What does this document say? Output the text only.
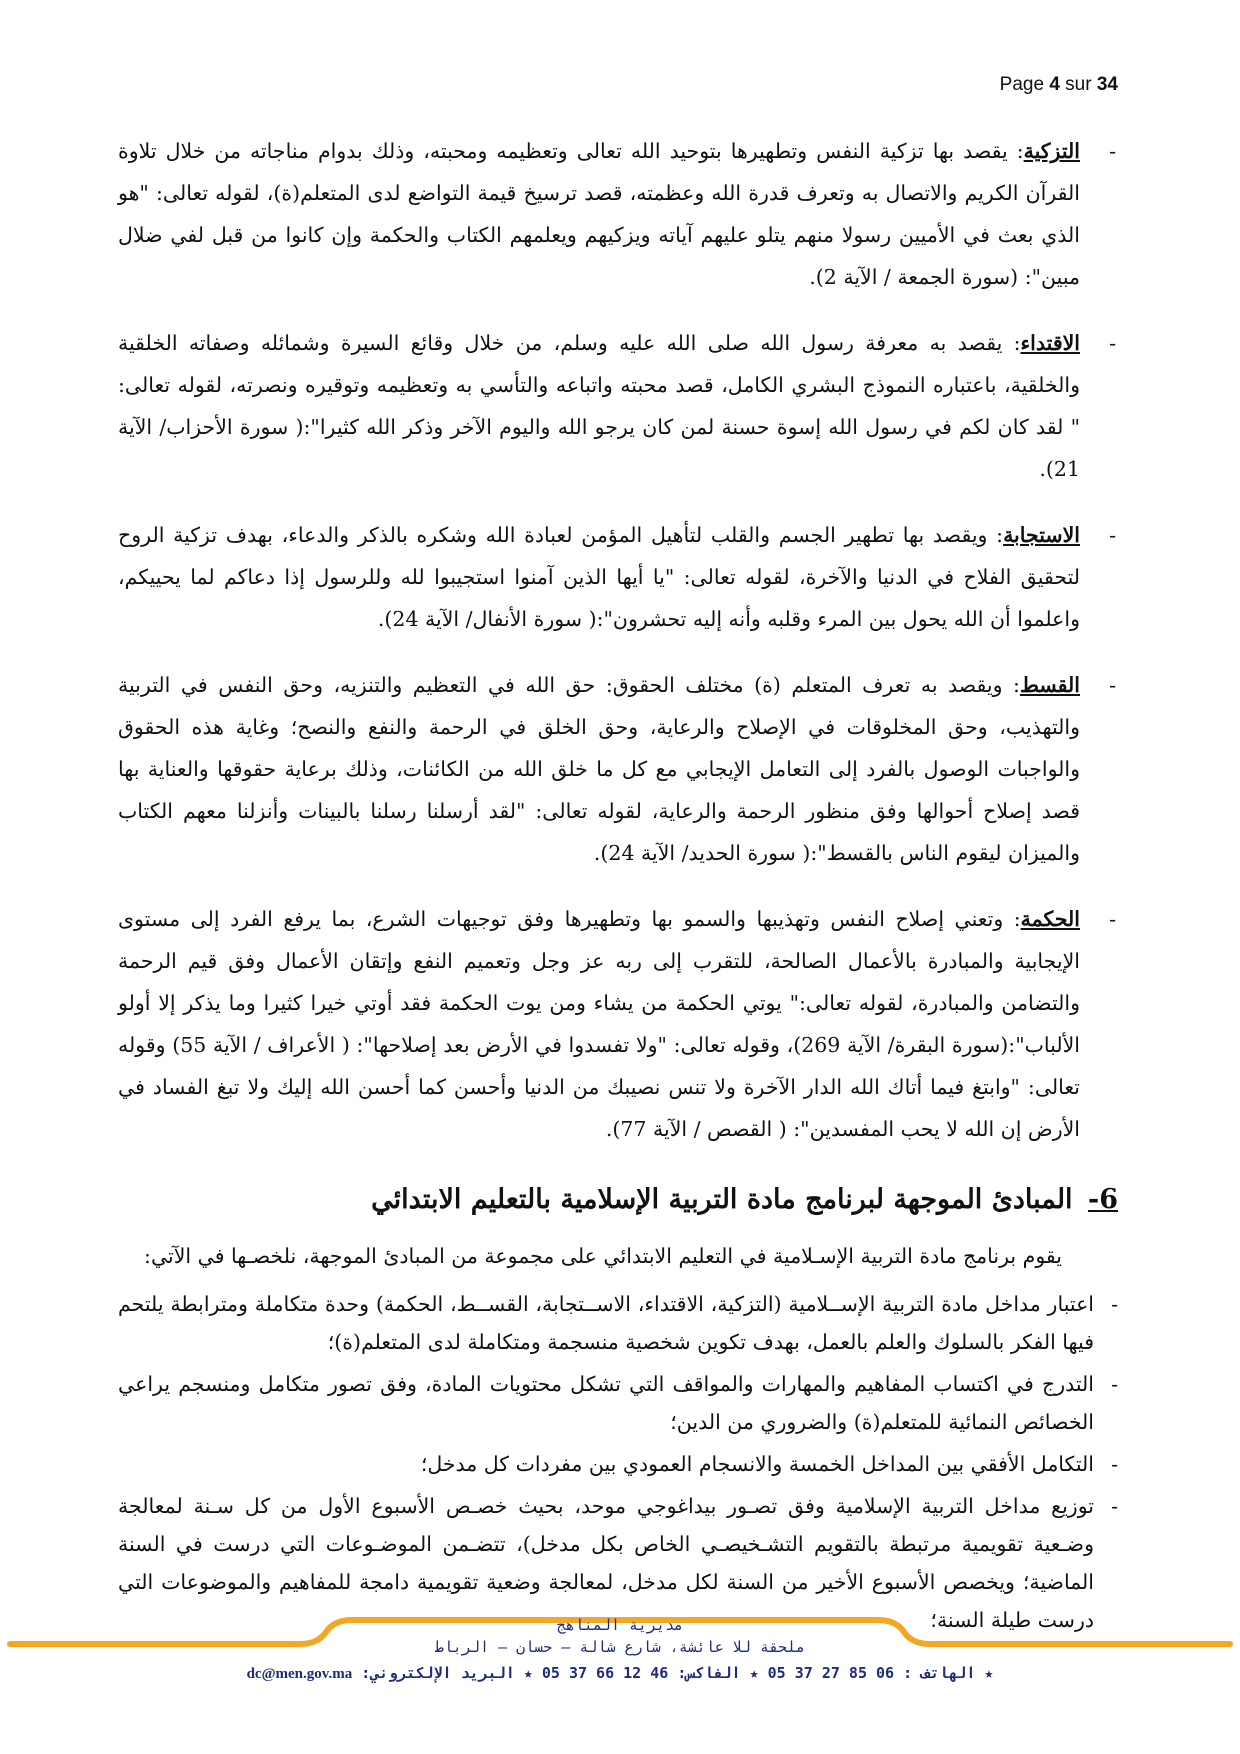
Page 4 sur 34
-
التزكية: يقصد بها تزكية النفس وتطهيرها بتوحيد الله تعالى وتعظيمه ومحبته، وذلك بدوام مناجاته من خلال تلاوة القرآن الكريم والاتصال به وتعرف قدرة الله وعظمته، قصد ترسيخ قيمة التواضع لدى المتعلم(ة)، لقوله تعالى: "هو الذي بعث في الأميين رسولا منهم يتلو عليهم آياته ويزكيهم ويعلمهم الكتاب والحكمة وإن كانوا من قبل لفي ضلال مبين": (سورة الجمعة / الآية 2).
-
الاقتداء: يقصد به معرفة رسول الله صلى الله عليه وسلم، من خلال وقائع السيرة وشمائله وصفاته الخلقية والخلقية، باعتباره النموذج البشري الكامل، قصد محبته واتباعه والتأسي به وتعظيمه وتوقيره ونصرته، لقوله تعالى: " لقد كان لكم في رسول الله إسوة حسنة لمن كان يرجو الله واليوم الآخر وذكر الله كثيرا":( سورة الأحزاب/ الآية 21).
-
الاستجابة: ويقصد بها تطهير الجسم والقلب لتأهيل المؤمن لعبادة الله وشكره بالذكر والدعاء، بهدف تزكية الروح لتحقيق الفلاح في الدنيا والآخرة، لقوله تعالى: "يا أيها الذين آمنوا استجيبوا لله وللرسول إذا دعاكم لما يحييكم، واعلموا أن الله يحول بين المرء وقلبه وأنه إليه تحشرون":( سورة الأنفال/ الآية 24).
-
القسط: ويقصد به تعرف المتعلم (ة) مختلف الحقوق: حق الله في التعظيم والتنزيه، وحق النفس في التربية والتهذيب، وحق المخلوقات في الإصلاح والرعاية، وحق الخلق في الرحمة والنفع والنصح؛ وغاية هذه الحقوق والواجبات الوصول بالفرد إلى التعامل الإيجابي مع كل ما خلق الله من الكائنات، وذلك برعاية حقوقها والعناية بها قصد إصلاح أحوالها وفق منظور الرحمة والرعاية، لقوله تعالى: "لقد أرسلنا رسلنا بالبينات وأنزلنا معهم الكتاب والميزان ليقوم الناس بالقسط":( سورة الحديد/ الآية 24).
-
الحكمة: وتعني إصلاح النفس وتهذيبها والسمو بها وتطهيرها وفق توجيهات الشرع، بما يرفع الفرد إلى مستوى الإيجابية والمبادرة بالأعمال الصالحة، للتقرب إلى ربه عز وجل وتعميم النفع وإتقان الأعمال وفق قيم الرحمة والتضامن والمبادرة، لقوله تعالى:" يوتي الحكمة من يشاء ومن يوت الحكمة فقد أوتي خيرا كثيرا وما يذكر إلا أولو الألباب":(سورة البقرة/ الآية 269)، وقوله تعالى: "ولا تفسدوا في الأرض بعد إصلاحها": ( الأعراف / الآية 55) وقوله تعالى: "وابتغ فيما أتاك الله الدار الآخرة ولا تنس نصيبك من الدنيا وأحسن كما أحسن الله إليك ولا تبغ الفساد في الأرض إن الله لا يحب المفسدين": ( القصص / الآية 77).
6- المبادئ الموجهة لبرنامج مادة التربية الإسلامية بالتعليم الابتدائي
يقوم برنامج مادة التربية الإسـلامية في التعليم الابتدائي على مجموعة من المبادئ الموجهة، نلخصـها في الآتي:
-
اعتبار مداخل مادة التربية الإســلامية (التزكية، الاقتداء، الاســتجابة، القســط، الحكمة) وحدة متكاملة ومترابطة يلتحم فيها الفكر بالسلوك والعلم بالعمل، بهدف تكوين شخصية منسجمة ومتكاملة لدى المتعلم(ة)؛
-
التدرج في اكتساب المفاهيم والمهارات والمواقف التي تشكل محتويات المادة، وفق تصور متكامل ومنسجم يراعي الخصائص النمائية للمتعلم(ة) والضروري من الدين؛
-
التكامل الأفقي بين المداخل الخمسة والانسجام العمودي بين مفردات كل مدخل؛
-
توزيع مداخل التربية الإسلامية وفق تصـور بيداغوجي موحد، بحيث خصـص الأسبوع الأول من كل سـنة لمعالجة وضـعية تقويمية مرتبطة بالتقويم التشـخيصـي الخاص بكل مدخل)، تتضـمن الموضـوعات التي درست في السنة الماضية؛ ويخصص الأسبوع الأخير من السنة لكل مدخل، لمعالجة وضعية تقويمية دامجة للمفاهيم والموضوعات التي درست طيلة السنة؛
مديرية المناهج
ملحقة للا عائشة، شارع شالة – حسان – الرباط
★ الهاتف : 05 37 27 85 06 ★ الفاكس: 05 37 66 12 46 ★ البريد الإلكتروني: dc@men.gov.ma
